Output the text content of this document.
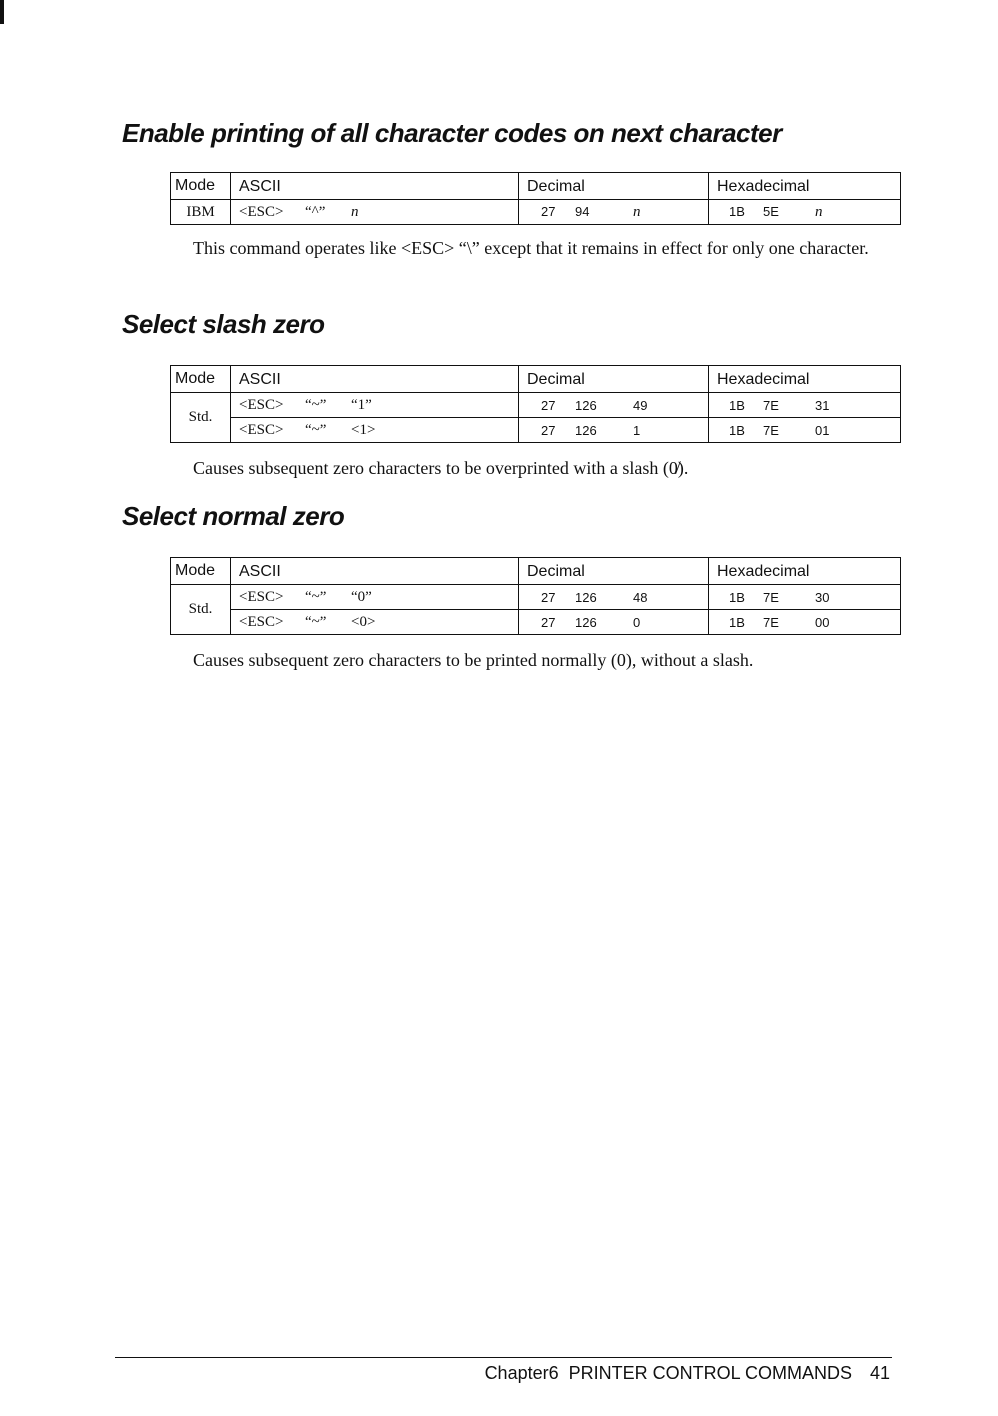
Enable printing of all character codes on next character
Mode	ASCII	Decimal	Hexadecimal
IBM	<ESC> “^” n	27 94 n	1B 5E n

This command operates like <ESC> “\” except that it remains in effect for only one character.

Select slash zero
Mode	ASCII	Decimal	Hexadecimal
Std.	<ESC> “~” “1”	27 126 49	1B 7E 31
	<ESC> “~” <1>	27 126 1	1B 7E 01

Causes subsequent zero characters to be overprinted with a slash (0̸).

Select normal zero
Mode	ASCII	Decimal	Hexadecimal
Std.	<ESC> “~” “0”	27 126 48	1B 7E 30
	<ESC> “~” <0>	27 126 0	1B 7E 00

Causes subsequent zero characters to be printed normally (0), without a slash.

Chapter6  PRINTER CONTROL COMMANDS 41
